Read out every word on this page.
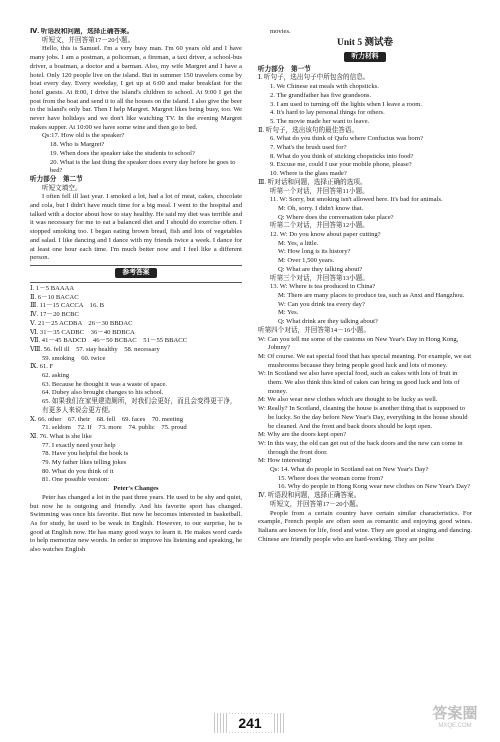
Ⅳ. 听语段和问题，选择正确答案。

听短文，并回答第17－20小题。

Hello, this is Samuel. I'm a very busy man. I'm 60 years old and I have many jobs. I am a postman, a policeman, a fireman, a taxi driver, a school-bus driver, a boatman, a doctor and a barman. Also, my wife Margret and I have a hotel. Only 120 people live on the island. But in summer 150 travelers come by boat every day. Every weekday, I get up at 6:00 and make breakfast for the hotel guests. At 8:00, I drive the island's children to school. At 9:00 I get the post from the boat and send it to all the houses on the island. I also give the beer to the island's only bar. Then I help Margret. Margret likes being busy, too. We never have holidays and we don't like watching TV. In the evening Margret makes supper. At 10:00 we have some wine and then go to bed.

Qs:17. How old is the speaker?

18. Who is Margret?

19. When does the speaker take the students to school?

20. What is the last thing the speaker does every day before he goes to bed?

听力部分　第二节

听短文填空。

I often fell ill last year. I smoked a lot, had a lot of meat, cakes, chocolate and cola, but I didn't have much time for a big meal. I went to the hospital and talked with a doctor about how to stay healthy. He said my diet was terrible and it was necessary for me to eat a balanced diet and I should do exercise often. I stopped smoking too. I began eating brown bread, fish and lots of vegetables and salad. I like dancing and I dance with my friends twice a week. I dance for at least one hour each time. I'm much better now and I feel like a different person.

参考答案

Ⅰ. 1－5 BAAAA

Ⅱ. 6－10 BACAC

Ⅲ. 11－15 CACCA　16. B

Ⅳ. 17－20 BCBC

Ⅴ. 21－25 ACDBA　26－30 BBDAC

Ⅵ. 31－35 CADBC　36－40 BDBCA

Ⅶ. 41－45 BADCD　46－50 BCBAC　51－55 BBACC

Ⅷ. 56. fell ill　57. stay healthy　58. necessary

59. smoking　60. twice

Ⅸ. 61. F

62. asking

63. Because he thought it was a waste of space.

64. Dubey also brought changes to his school.

65. 如果我们在家里建造厕所，对我们会更好，而且会变得更干净，有更多人来说会更方便。

Ⅹ. 66. other　67. their　68. fell　69. faces　70. meeting

71. seldom　72. If　73. more　74. public　75. proud

Ⅺ. 76. What is she like

77. I exactly need your help

78. Have you helpful the book is

79. My father likes telling jokes

80. What do you think of it

81. One possible version:

Peter's Changes

Peter has changed a lot in the past three years. He used to be shy and quiet, but now he is outgoing and friendly. And his favorite sport has changed. Swimming was once his favorite. But now he becomes interested in basketball. As for study, he used to be weak in English. However, to our surprise, he is good at English now. He has many good ways to learn it. He makes word cards to help memorize new words. In order to improve his listening and speaking, he also watches English

movies.

Unit 5 测试卷

听力材料

听力部分　第一节

Ⅰ. 听句子，选出句子中所包含的信息。

1. We Chinese eat meals with chopsticks.

2. The grandfather has five grandsons.

3. I am used to turning off the lights when I leave a room.

4. It's hard to lay personal things for others.

5. The movie made her want to leave.

Ⅱ. 听句子，选出该句的最佳答语。

6. What do you think of Qufu where Confucius was born?

7. What's the brush used for?

8. What do you think of sticking chopsticks into food?

9. Excuse me, could I use your mobile phone, please?

10. Where is the glass made?

Ⅲ. 听对话和问题，选择正确的选项。

听第一个对话，并回答第11小题。

11. W: Sorry, but smoking isn't allowed here. It's bad for animals.

M: Oh, sorry. I didn't know that.

Q: Where does the conversation take place?

听第二个对话，并回答第12小题。

12. W: Do you know about paper cutting?

M: Yes, a little.

W: How long is its history?

M: Over 1,500 years.

Q: What are they talking about?

听第三个对话，并回答第13小题。

13. W: Where is tea produced in China?

M: There are many places to produce tea, such as Anxi and Hangzhou.

W: Can you drink tea every day?

M: Yes.

Q: What drink are they talking about?

听第四个对话，并回答第14－16小题。

W: Can you tell me some of the customs on New Year's Day in Hong Kong, Johnny?

M: Of course. We eat special food that has special meaning. For example, we eat mushrooms because they bring people good luck and lots of money.

W: In Scotland we also have special food, such as cakes with lots of fruit in them. We also think this kind of cakes can bring us good luck and lots of money.

M: We also wear new clothes which are thought to be lucky as well.

W: Really? In Scotland, cleaning the house is another thing that is supposed to be lucky. So the day before New Year's Day, everything in the house should be cleaned. And the front and back doors should be kept open.

M: Why are the doors kept open?

W: In this way, the old can get out of the back doors and the new can come in through the front door.

M: How interesting!

Qs: 14. What do people in Scotland eat on New Year's Day?

15. Where does the woman come from?

16. Why do people in Hong Kong wear new clothes on New Year's Day?

Ⅳ. 听语段和问题，选择正确答案。

听短文，并回答第17－20小题。

People from a certain country have certain similar characteristics. For example, French people are often seen as romantic and enjoying good wines. Italians are known for life, food and wine. They are good at singing and dancing. Chinese are friendly people who are hard-working. They are polite

241
答案圈
MXQE.COM
